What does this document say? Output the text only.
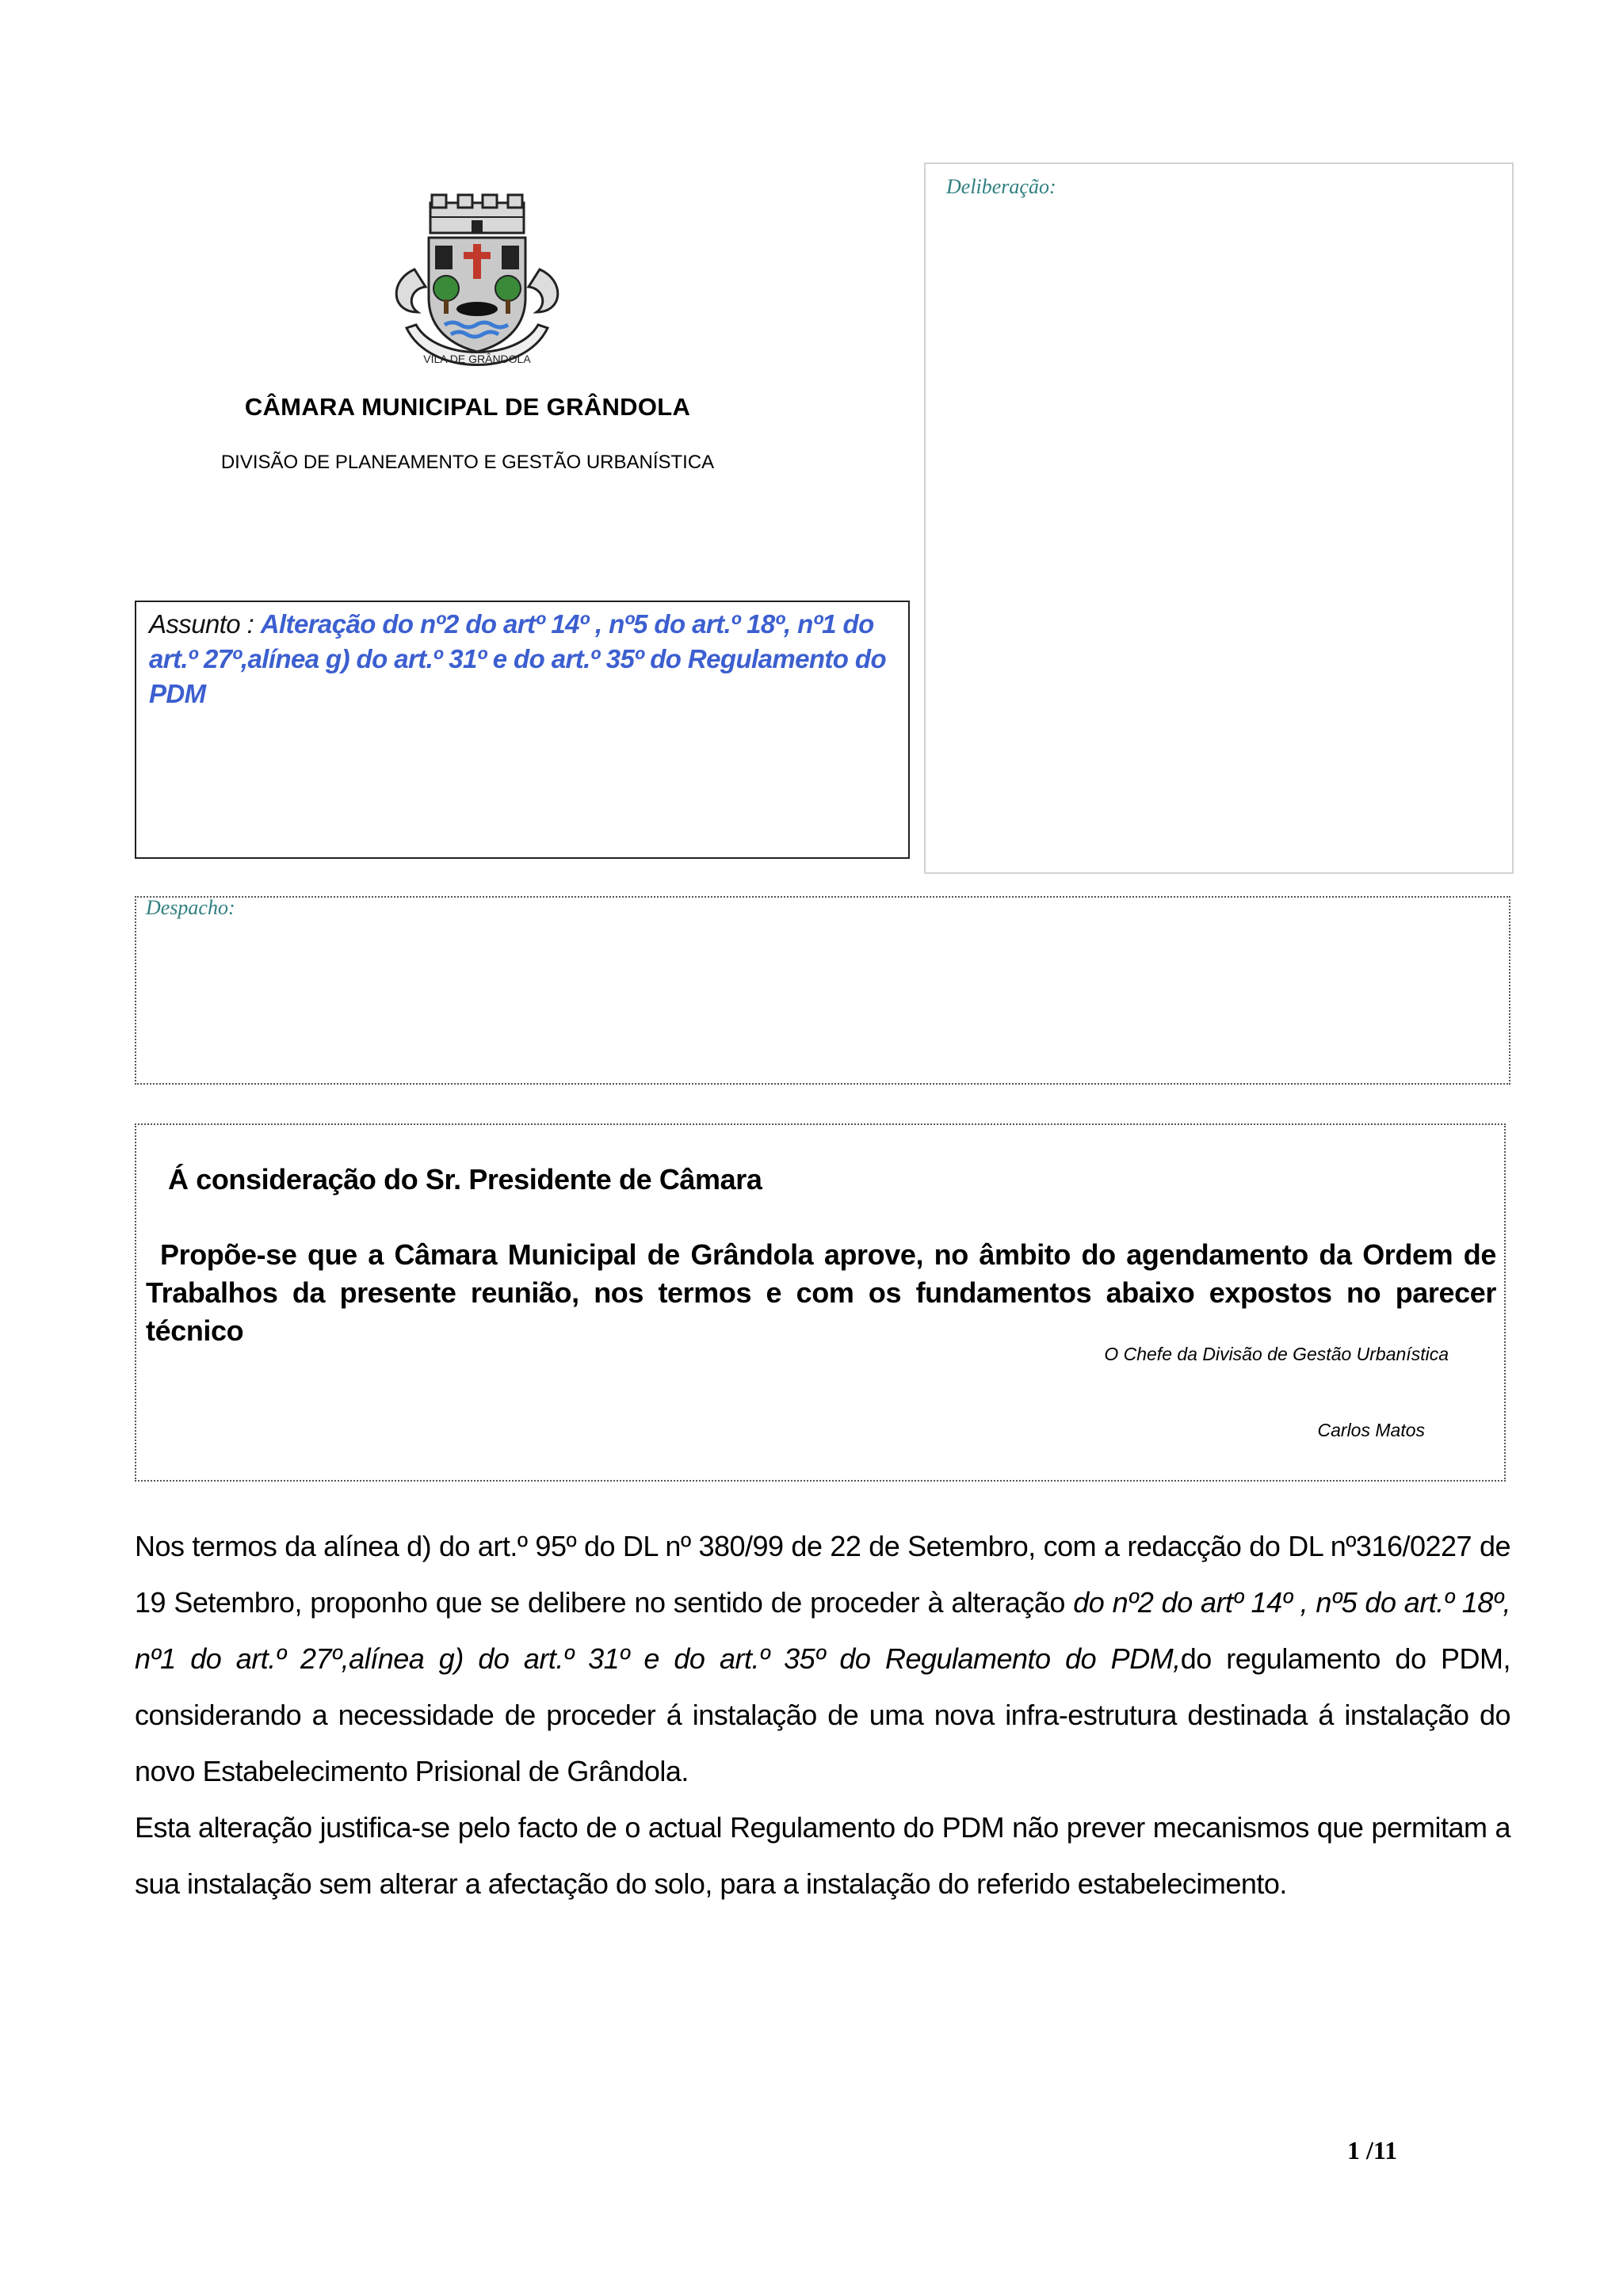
VILA DE GRÂNDOLA
CÂMARA MUNICIPAL DE GRÂNDOLA
DIVISÃO DE PLANEAMENTO E GESTÃO URBANÍSTICA
Deliberação:
Assunto : Alteração do nº2 do artº 14º , nº5 do art.º 18º, nº1 do art.º 27º,alínea g) do art.º 31º e do art.º 35º do Regulamento do PDM
Despacho:
Á consideração do Sr. Presidente de Câmara
Propõe-se que a Câmara Municipal de Grândola aprove, no âmbito do agendamento da Ordem de Trabalhos da presente reunião, nos termos e com os fundamentos abaixo expostos no parecer técnico
O Chefe da Divisão de Gestão Urbanística
Carlos Matos

Nos termos da alínea d) do art.º 95º do DL nº 380/99 de 22 de Setembro, com a redacção do DL nº316/0227 de 19 Setembro, proponho que se delibere no sentido de proceder à alteração do nº2 do artº 14º , nº5 do art.º 18º, nº1 do art.º 27º,alínea g) do art.º 31º e do art.º 35º do Regulamento do PDM,do regulamento do PDM, considerando a necessidade de proceder á instalação de uma nova infra-estrutura destinada á instalação do novo Estabelecimento Prisional de Grândola.

Esta alteração justifica-se pelo facto de o actual Regulamento do PDM não prever mecanismos que permitam a sua instalação sem alterar a afectação do solo, para a instalação do referido estabelecimento.

1 /11
